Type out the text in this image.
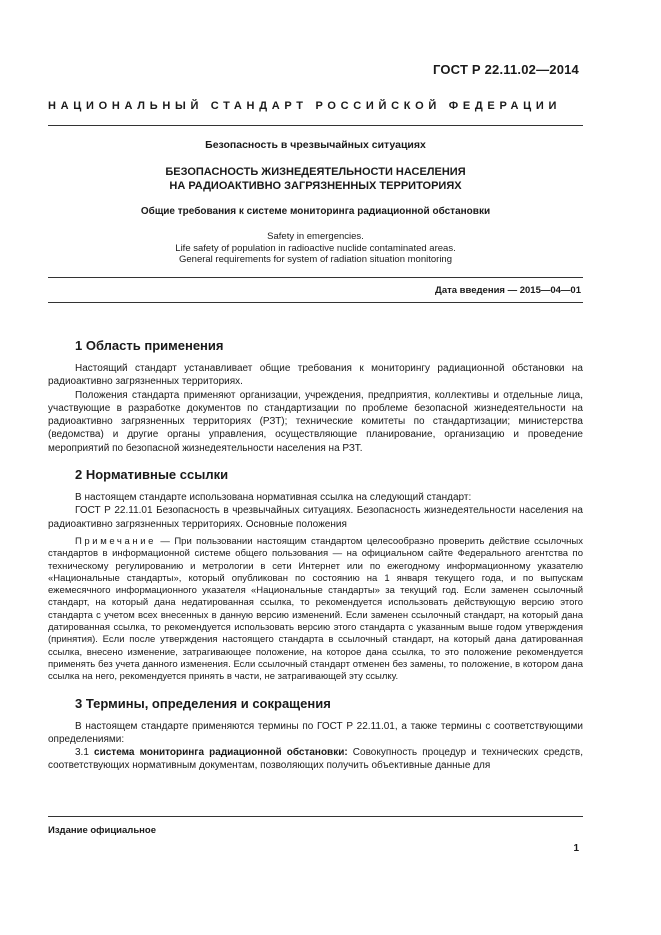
ГОСТ Р 22.11.02—2014
НАЦИОНАЛЬНЫЙ СТАНДАРТ РОССИЙСКОЙ ФЕДЕРАЦИИ
Безопасность в чрезвычайных ситуациях
БЕЗОПАСНОСТЬ ЖИЗНЕДЕЯТЕЛЬНОСТИ НАСЕЛЕНИЯ
НА РАДИОАКТИВНО ЗАГРЯЗНЕННЫХ ТЕРРИТОРИЯХ
Общие требования к системе мониторинга радиационной обстановки
Safety in emergencies.
Life safety of population in radioactive nuclide contaminated areas.
General requirements for system of radiation situation monitoring
Дата введения — 2015—04—01
1 Область применения

Настоящий стандарт устанавливает общие требования к мониторингу радиационной обстановки на радиоактивно загрязненных территориях.

Положения стандарта применяют организации, учреждения, предприятия, коллективы и отдельные лица, участвующие в разработке документов по стандартизации по проблеме безопасной жизнедеятельности на радиоактивно загрязненных территориях (РЗТ); технические комитеты по стандартизации; министерства (ведомства) и другие органы управления, осуществляющие планирование, организацию и проведение мероприятий по безопасной жизнедеятельности населения на РЗТ.

2 Нормативные ссылки

В настоящем стандарте использована нормативная ссылка на следующий стандарт:

ГОСТ Р 22.11.01 Безопасность в чрезвычайных ситуациях. Безопасность жизнедеятельности населения на радиоактивно загрязненных территориях. Основные положения

Примечание — При пользовании настоящим стандартом целесообразно проверить действие ссылочных стандартов в информационной системе общего пользования — на официальном сайте Федерального агентства по техническому регулированию и метрологии в сети Интернет или по ежегодному информационному указателю «Национальные стандарты», который опубликован по состоянию на 1 января текущего года, и по выпускам ежемесячного информационного указателя «Национальные стандарты» за текущий год. Если заменен ссылочный стандарт, на который дана недатированная ссылка, то рекомендуется использовать действующую версию этого стандарта с учетом всех внесенных в данную версию изменений. Если заменен ссылочный стандарт, на который дана датированная ссылка, то рекомендуется использовать версию этого стандарта с указанным выше годом утверждения (принятия). Если после утверждения настоящего стандарта в ссылочный стандарт, на который дана датированная ссылка, внесено изменение, затрагивающее положение, на которое дана ссылка, то это положение рекомендуется применять без учета данного изменения. Если ссылочный стандарт отменен без замены, то положение, в котором дана ссылка на него, рекомендуется принять в части, не затрагивающей эту ссылку.

3 Термины, определения и сокращения

В настоящем стандарте применяются термины по ГОСТ Р 22.11.01, а также термины с соответствующими определениями:

3.1 система мониторинга радиационной обстановки: Совокупность процедур и технических средств, соответствующих нормативным документам, позволяющих получить объективные данные для

Издание официальное
1
